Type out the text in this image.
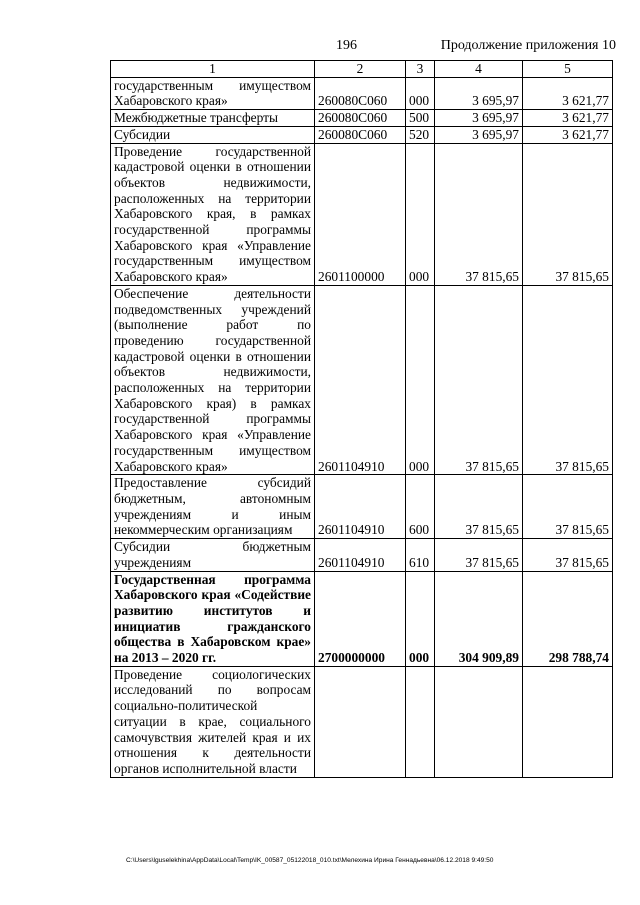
196	Продолжение приложения 10
1	2	3	4	5
государственным имуществом Хабаровского края»	260080С060	000	3 695,97	3 621,77
Межбюджетные трансферты	260080С060	500	3 695,97	3 621,77
Субсидии	260080С060	520	3 695,97	3 621,77
Проведение государственной кадастровой оценки в отношении объектов недвижимости, расположенных на территории Хабаровского края, в рамках государственной программы Хабаровского края «Управление государственным имуществом Хабаровского края»	2601100000	000	37 815,65	37 815,65
Обеспечение деятельности подведомственных учреждений (выполнение работ по проведению государственной кадастровой оценки в отношении объектов недвижимости, расположенных на территории Хабаровского края) в рамках государственной программы Хабаровского края «Управление государственным имуществом Хабаровского края»	2601104910	000	37 815,65	37 815,65
Предоставление субсидий бюджетным, автономным учреждениям и иным некоммерческим организациям	2601104910	600	37 815,65	37 815,65
Субсидии бюджетным учреждениям	2601104910	610	37 815,65	37 815,65
Государственная программа Хабаровского края «Содействие развитию институтов и инициатив гражданского общества в Хабаровском крае» на 2013 – 2020 гг.	2700000000	000	304 909,89	298 788,74
Проведение социологических исследований по вопросам социально-политической ситуации в крае, социального самочувствия жителей края и их отношения к деятельности органов исполнительной власти				
C:\Users\lguselekhina\AppData\Local\Temp\IK_00587_05122018_010.txt\Мелехина Ирина Геннадьевна\06.12.2018 9:49:50
